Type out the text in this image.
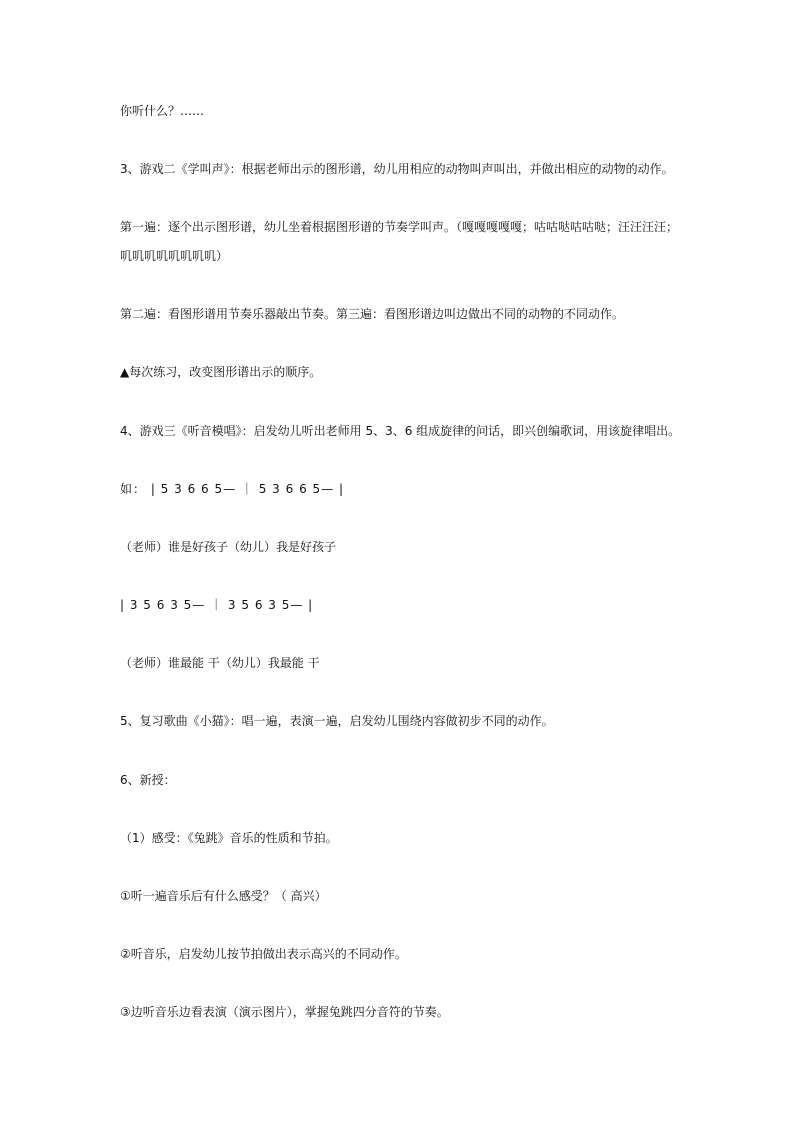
你听什么？……
3、游戏二《学叫声》：根据老师出示的图形谱，幼儿用相应的动物叫声叫出，并做出相应的动物的动作。
第一遍：逐个出示图形谱，幼儿坐着根据图形谱的节奏学叫声。（嘎嘎嘎嘎嘎；咕咕哒咕咕哒；汪汪汪汪；
叽叽叽叽叽叽叽叽）
第二遍：看图形谱用节奏乐器敲出节奏。第三遍：看图形谱边叫边做出不同的动物的不同动作。
▲每次练习，改变图形谱出示的顺序。
4、游戏三《听音模唱》：启发幼儿听出老师用 5、3、6 组成旋律的问话，即兴创编歌词，用该旋律唱出。
如： | 5 3 6 6 5— ｜ 5 3 6 6 5— |
（老师）谁是好孩子（幼儿）我是好孩子
| 3 5 6 3 5— ｜ 3 5 6 3 5— |
（老师）谁最能 干（幼儿）我最能 干
5、复习歌曲《小猫》：唱一遍，表演一遍，启发幼儿围绕内容做初步不同的动作。
6、新授：
（1）感受：《兔跳》音乐的性质和节拍。
①听一遍音乐后有什么感受？（ 高兴）
②听音乐，启发幼儿按节拍做出表示高兴的不同动作。
③边听音乐边看表演（演示图片），掌握兔跳四分音符的节奏。
